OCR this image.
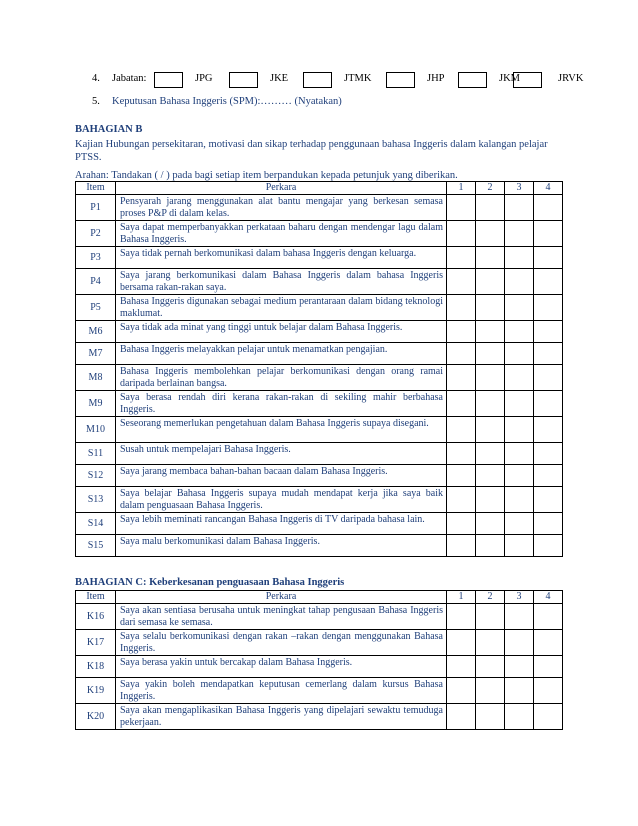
4. Jabatan:	JPG	JKE	JTMK	JHP	JKM	JRVK
5. Keputusan Bahasa Inggeris (SPM):……… (Nyatakan)
BAHAGIAN B
Kajian Hubungan persekitaran, motivasi dan sikap terhadap penggunaan bahasa Inggeris dalam kalangan pelajar
PTSS.
Arahan: Tandakan ( / ) pada bagi setiap item berpandukan kepada petunjuk yang diberikan.
Item	Perkara	1	2	3	4
P1	Pensyarah jarang menggunakan alat bantu mengajar yang berkesan semasa proses P&P di dalam kelas.				
P2	Saya dapat memperbanyakkan perkataan baharu dengan mendengar lagu dalam Bahasa Inggeris.				
P3	Saya tidak pernah berkomunikasi dalam bahasa Inggeris dengan keluarga.				
P4	Saya jarang berkomunikasi dalam Bahasa Inggeris dalam bahasa Inggeris bersama rakan-rakan saya.				
P5	Bahasa Inggeris digunakan sebagai medium perantaraan dalam bidang teknologi maklumat.				
M6	Saya tidak ada minat yang tinggi untuk belajar dalam Bahasa Inggeris.				
M7	Bahasa Inggeris melayakkan pelajar untuk menamatkan pengajian.				
M8	Bahasa Inggeris membolehkan pelajar berkomunikasi dengan orang ramai daripada berlainan bangsa.				
M9	Saya berasa rendah diri kerana rakan-rakan di sekiling mahir berbahasa Inggeris.				
M10	Seseorang memerlukan pengetahuan dalam Bahasa Inggeris supaya disegani.				
S11	Susah untuk mempelajari Bahasa Inggeris.				
S12	Saya jarang membaca bahan-bahan bacaan dalam Bahasa Inggeris.				
S13	Saya belajar Bahasa Inggeris supaya mudah mendapat kerja jika saya baik dalam penguasaan Bahasa Inggeris.				
S14	Saya lebih meminati rancangan Bahasa Inggeris di TV daripada bahasa lain.				
S15	Saya malu berkomunikasi dalam Bahasa Inggeris.				
BAHAGIAN C: Keberkesanan penguasaan Bahasa Inggeris
Item	Perkara	1	2	3	4
K16	Saya akan sentiasa berusaha untuk meningkat tahap pengusaan Bahasa Inggeris dari semasa ke semasa.				
K17	Saya selalu berkomunikasi dengan rakan –rakan dengan menggunakan Bahasa Inggeris.				
K18	Saya berasa yakin untuk bercakap dalam Bahasa Inggeris.				
K19	Saya yakin boleh mendapatkan keputusan cemerlang dalam kursus Bahasa Inggeris.				
K20	Saya akan mengaplikasikan Bahasa Inggeris yang dipelajari sewaktu temuduga pekerjaan.				
